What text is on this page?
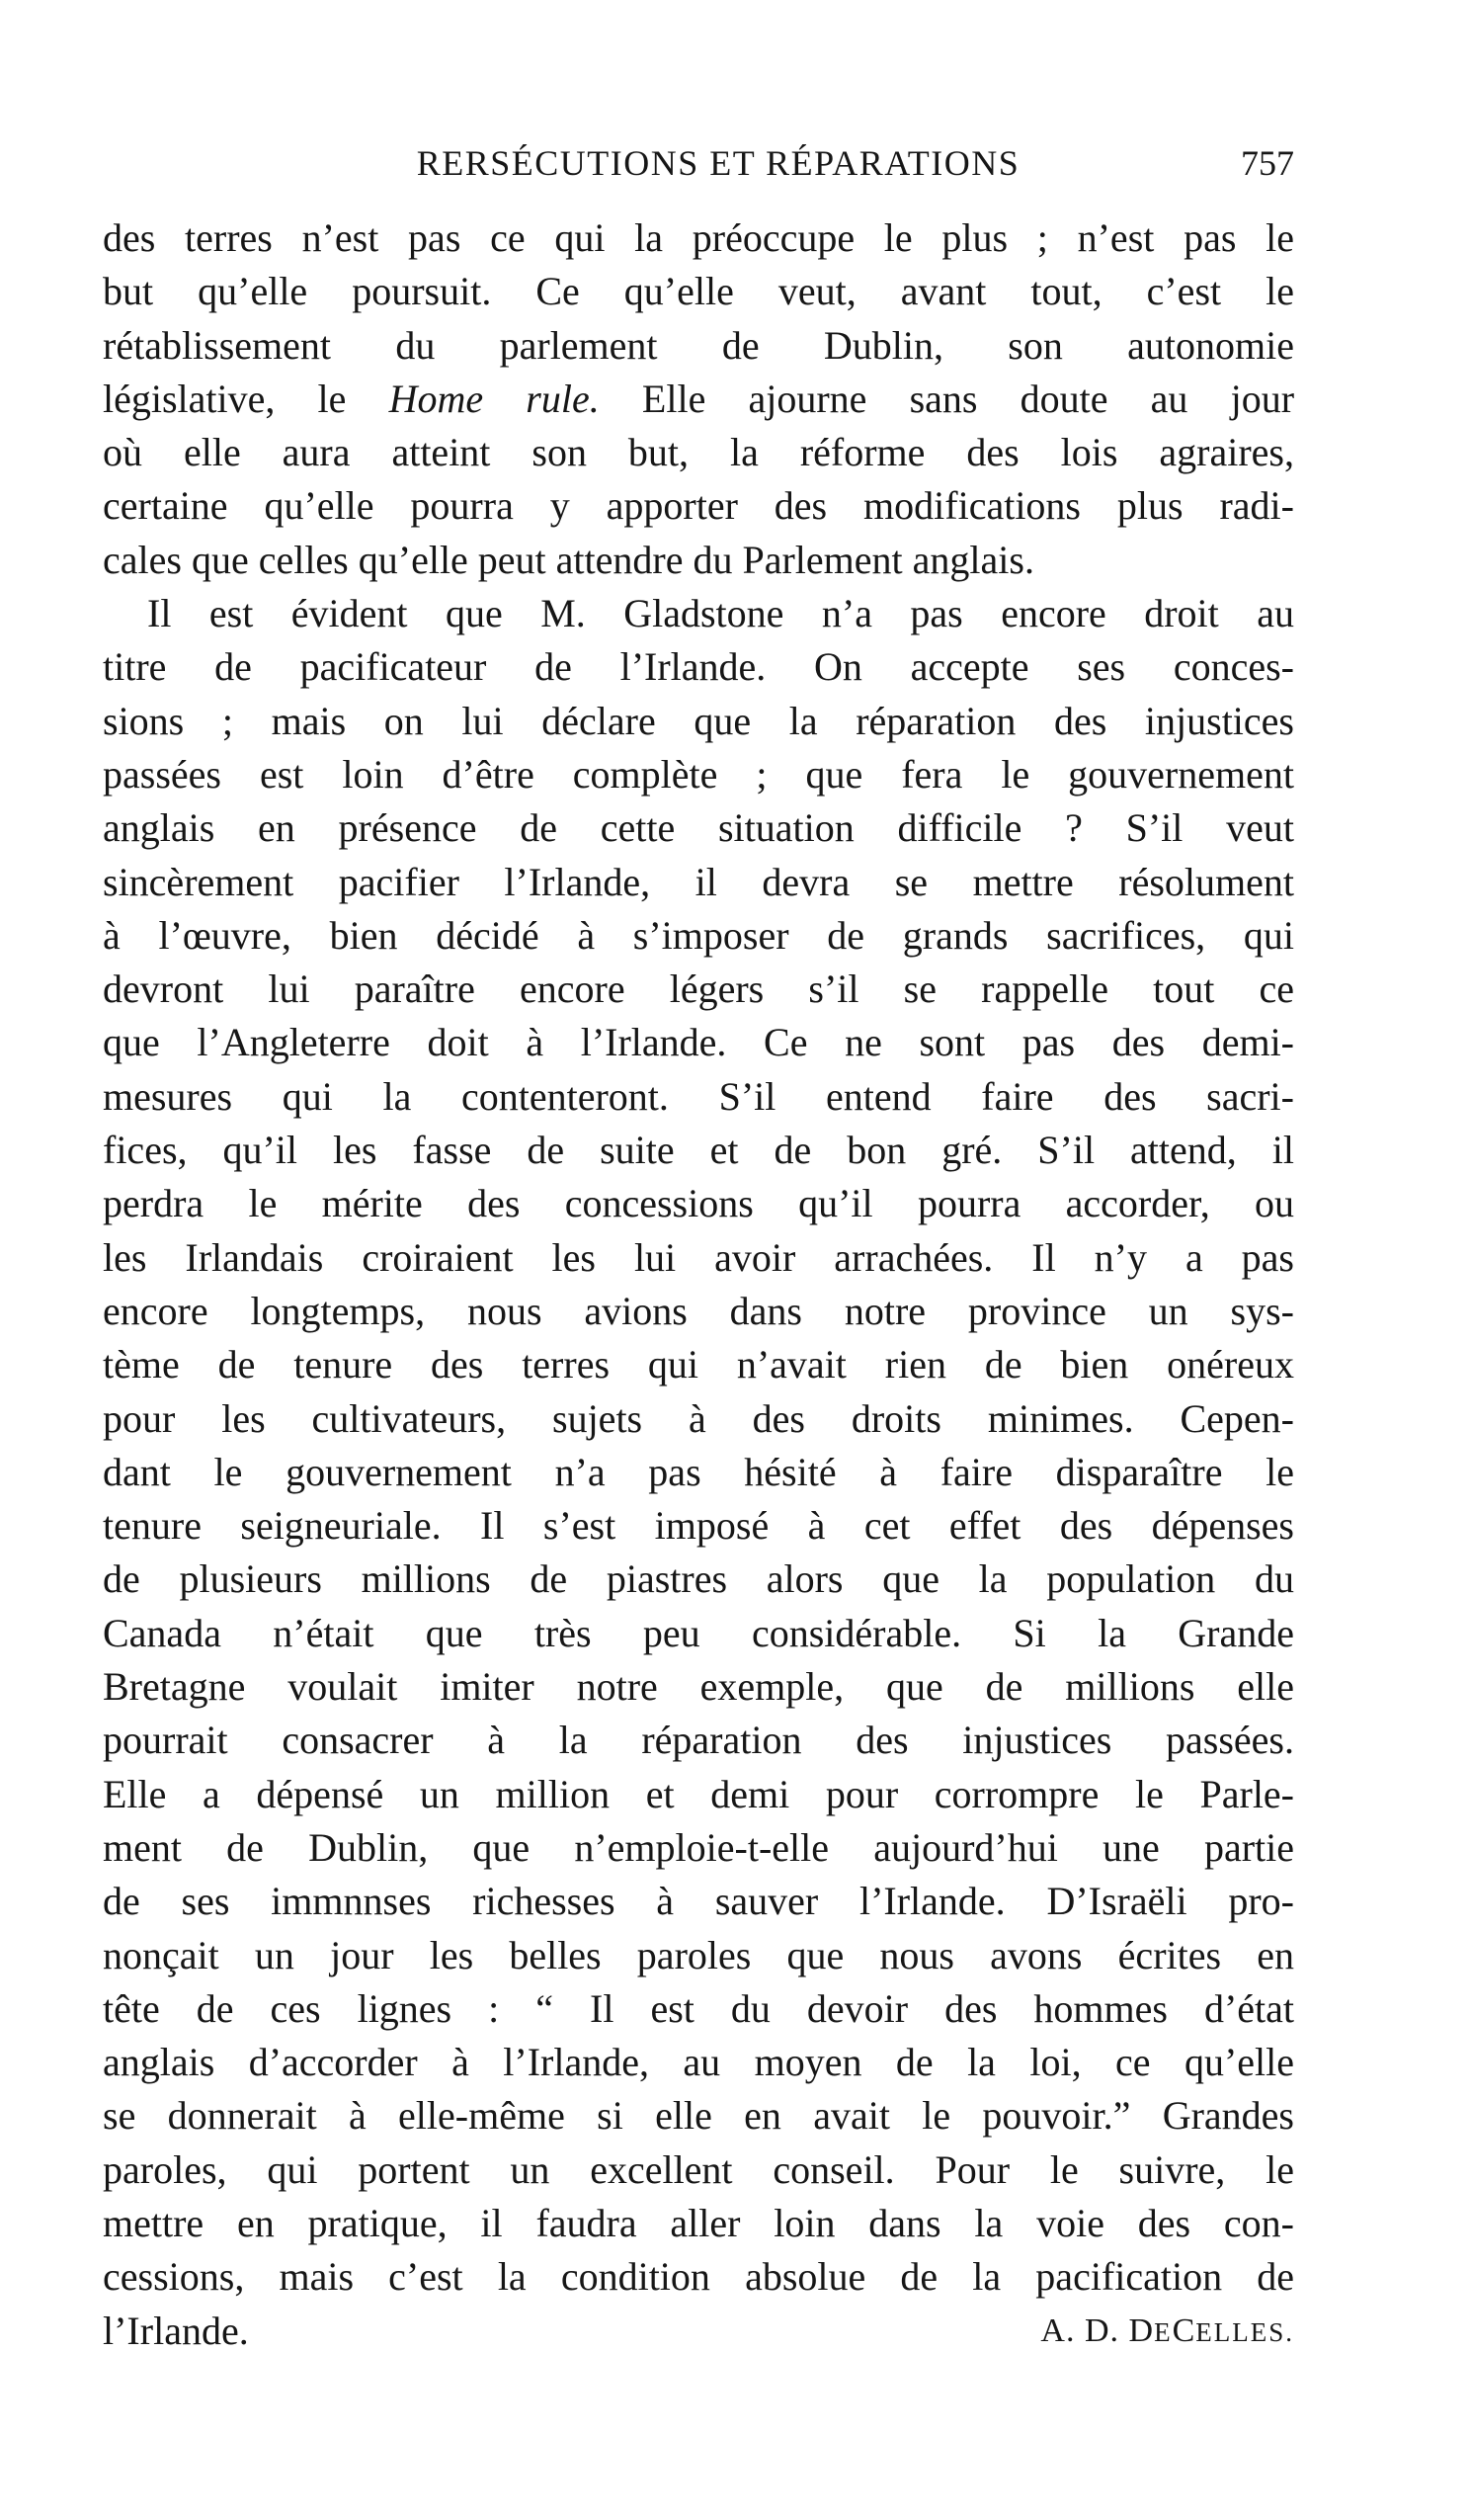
RERSÉCUTIONS ET RÉPARATIONS	757
des terres n’est pas ce qui la préoccupe le plus ; n’est pas le
but qu’elle poursuit. Ce qu’elle veut, avant tout, c’est le
rétablissement du parlement de Dublin, son autonomie
législative, le Home rule. Elle ajourne sans doute au jour
où elle aura atteint son but, la réforme des lois agraires,
certaine qu’elle pourra y apporter des modifications plus radi-
cales que celles qu’elle peut attendre du Parlement anglais.
Il est évident que M. Gladstone n’a pas encore droit au
titre de pacificateur de l’Irlande. On accepte ses conces-
sions ; mais on lui déclare que la réparation des injustices
passées est loin d’être complète ; que fera le gouvernement
anglais en présence de cette situation difficile ? S’il veut
sincèrement pacifier l’Irlande, il devra se mettre résolument
à l’œuvre, bien décidé à s’imposer de grands sacrifices, qui
devront lui paraître encore légers s’il se rappelle tout ce
que l’Angleterre doit à l’Irlande. Ce ne sont pas des demi-
mesures qui la contenteront. S’il entend faire des sacri-
fices, qu’il les fasse de suite et de bon gré. S’il attend, il
perdra le mérite des concessions qu’il pourra accorder, ou
les Irlandais croiraient les lui avoir arrachées. Il n’y a pas
encore longtemps, nous avions dans notre province un sys-
tème de tenure des terres qui n’avait rien de bien onéreux
pour les cultivateurs, sujets à des droits minimes. Cepen-
dant le gouvernement n’a pas hésité à faire disparaître le
tenure seigneuriale. Il s’est imposé à cet effet des dépenses
de plusieurs millions de piastres alors que la population du
Canada n’était que très peu considérable. Si la Grande
Bretagne voulait imiter notre exemple, que de millions elle
pourrait consacrer à la réparation des injustices passées.
Elle a dépensé un million et demi pour corrompre le Parle-
ment de Dublin, que n’emploie-t-elle aujourd’hui une partie
de ses immnnses richesses à sauver l’Irlande. D’Israëli pro-
nonçait un jour les belles paroles que nous avons écrites en
tête de ces lignes : “ Il est du devoir des hommes d’état
anglais d’accorder à l’Irlande, au moyen de la loi, ce qu’elle
se donnerait à elle-même si elle en avait le pouvoir.” Grandes
paroles, qui portent un excellent conseil. Pour le suivre, le
mettre en pratique, il faudra aller loin dans la voie des con-
cessions, mais c’est la condition absolue de la pacification de
l’Irlande.	A. D. DECELLES.
